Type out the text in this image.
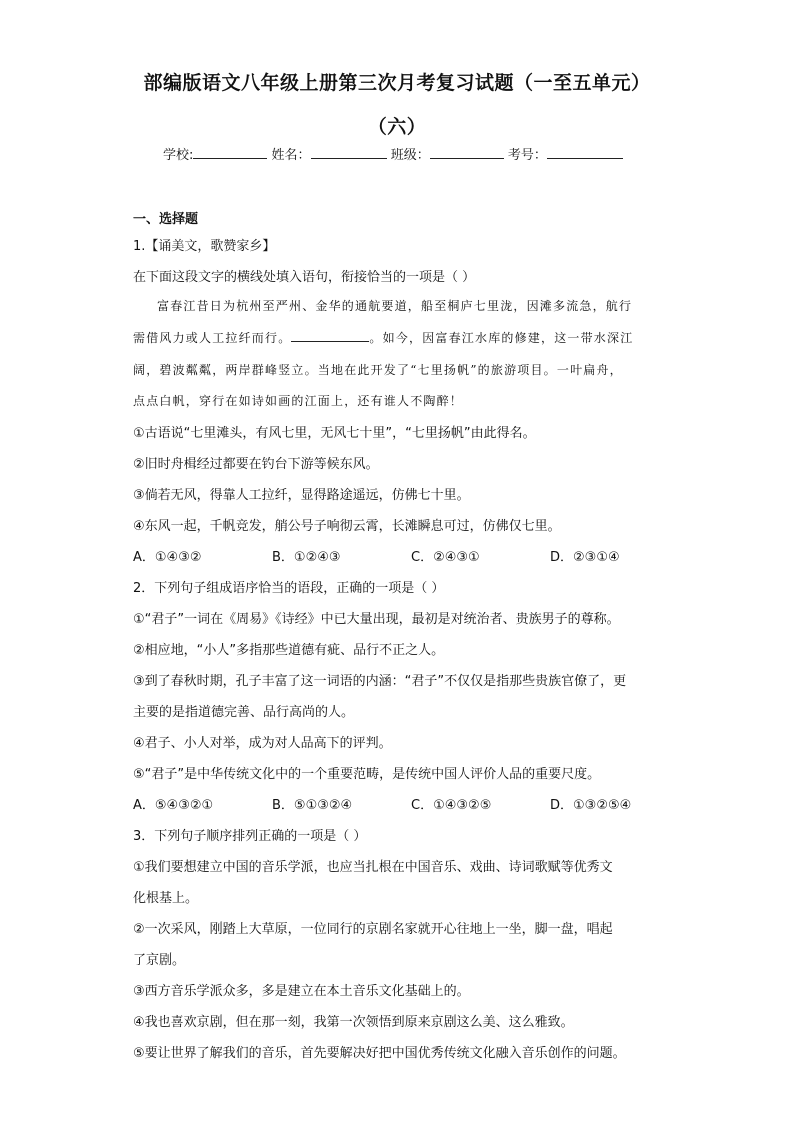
部编版语文八年级上册第三次月考复习试题（一至五单元）
（六）
学校:	姓名：	班级：	考号：
一、选择题
1.【诵美文，歌赞家乡】
在下面这段文字的横线处填入语句，衔接恰当的一项是（ ）
富春江昔日为杭州至严州、金华的通航要道，船至桐庐七里泷，因滩多流急，航行
需借风力或人工拉纤而行。	。如今，因富春江水库的修建，这一带水深江
阔，碧波粼粼，两岸群峰竖立。当地在此开发了“七里扬帆”的旅游项目。一叶扁舟，
点点白帆，穿行在如诗如画的江面上，还有谁人不陶醉！
①古语说“七里滩头，有风七里，无风七十里”，“七里扬帆”由此得名。
②旧时舟楫经过都要在钓台下游等候东风。
③倘若无风，得靠人工拉纤，显得路途遥远，仿佛七十里。
④东风一起，千帆竞发，艄公号子响彻云霄，长滩瞬息可过，仿佛仅七里。
A．①④③②	B．①②④③	C．②④③①	D．②③①④
2．下列句子组成语序恰当的语段，正确的一项是（ ）
①“君子”一词在《周易》《诗经》中已大量出现，最初是对统治者、贵族男子的尊称。
②相应地，“小人”多指那些道德有疵、品行不正之人。
③到了春秋时期，孔子丰富了这一词语的内涵：“君子”不仅仅是指那些贵族官僚了，更
主要的是指道德完善、品行高尚的人。
④君子、小人对举，成为对人品高下的评判。
⑤“君子”是中华传统文化中的一个重要范畴，是传统中国人评价人品的重要尺度。
A．⑤④③②①	B．⑤①③②④	C．①④③②⑤	D．①③②⑤④
3．下列句子顺序排列正确的一项是（ ）
①我们要想建立中国的音乐学派，也应当扎根在中国音乐、戏曲、诗词歌赋等优秀文
化根基上。
②一次采风，刚踏上大草原，一位同行的京剧名家就开心往地上一坐，脚一盘，唱起
了京剧。
③西方音乐学派众多，多是建立在本土音乐文化基础上的。
④我也喜欢京剧，但在那一刻，我第一次领悟到原来京剧这么美、这么雅致。
⑤要让世界了解我们的音乐，首先要解决好把中国优秀传统文化融入音乐创作的问题。
